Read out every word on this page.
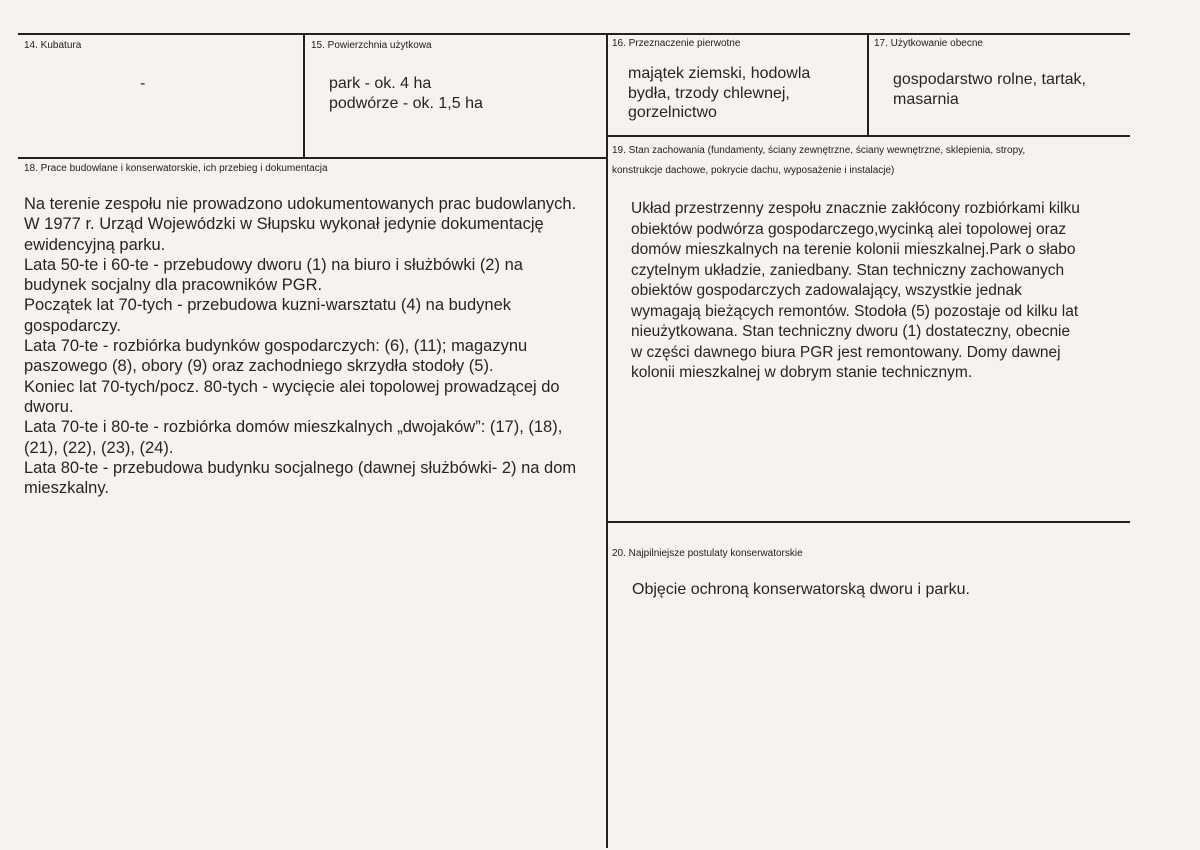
14. Kubatura
-
15. Powierzchnia użytkowa
park - ok. 4 ha
podwórze - ok. 1,5 ha
16. Przeznaczenie pierwotne
majątek ziemski, hodowla
bydła, trzody chlewnej,
gorzelnictwo
17. Użytkowanie obecne
gospodarstwo rolne, tartak,
masarnia
18. Prace budowlane i konserwatorskie, ich przebieg i dokumentacja
Na terenie zespołu nie prowadzono udokumentowanych prac budowlanych.
W 1977 r. Urząd Wojewódzki w Słupsku wykonał jedynie dokumentację
ewidencyjną parku.
Lata 50-te i 60-te - przebudowy dworu (1) na biuro i służbówki (2) na
budynek socjalny dla pracowników PGR.
Początek lat 70-tych - przebudowa kuzni-warsztatu (4) na budynek
gospodarczy.
Lata 70-te - rozbiórka budynków gospodarczych: (6), (11); magazynu
paszowego (8), obory (9) oraz zachodniego skrzydła stodoły (5).
Koniec lat 70-tych/pocz. 80-tych - wycięcie alei topolowej prowadzącej do
dworu.
Lata 70-te i 80-te - rozbiórka domów mieszkalnych „dwojaków”: (17), (18),
(21), (22), (23), (24).
Lata 80-te - przebudowa budynku socjalnego (dawnej służbówki- 2) na dom
mieszkalny.
19. Stan zachowania (fundamenty, ściany zewnętrzne, ściany wewnętrzne, sklepienia, stropy,
konstrukcje dachowe, pokrycie dachu, wyposażenie i instalacje)
Układ przestrzenny zespołu znacznie zakłócony rozbiórkami kilku
obiektów podwórza gospodarczego,wycinką alei topolowej oraz
domów mieszkalnych na terenie kolonii mieszkalnej.Park o słabo
czytelnym układzie, zaniedbany. Stan techniczny zachowanych
obiektów gospodarczych zadowalający, wszystkie jednak
wymagają bieżących remontów. Stodoła (5) pozostaje od kilku lat
nieużytkowana. Stan techniczny dworu (1) dostateczny, obecnie
w części dawnego biura PGR jest remontowany. Domy dawnej
kolonii mieszkalnej w dobrym stanie technicznym.
20. Najpilniejsze postulaty konserwatorskie
Objęcie ochroną konserwatorską dworu i parku.
